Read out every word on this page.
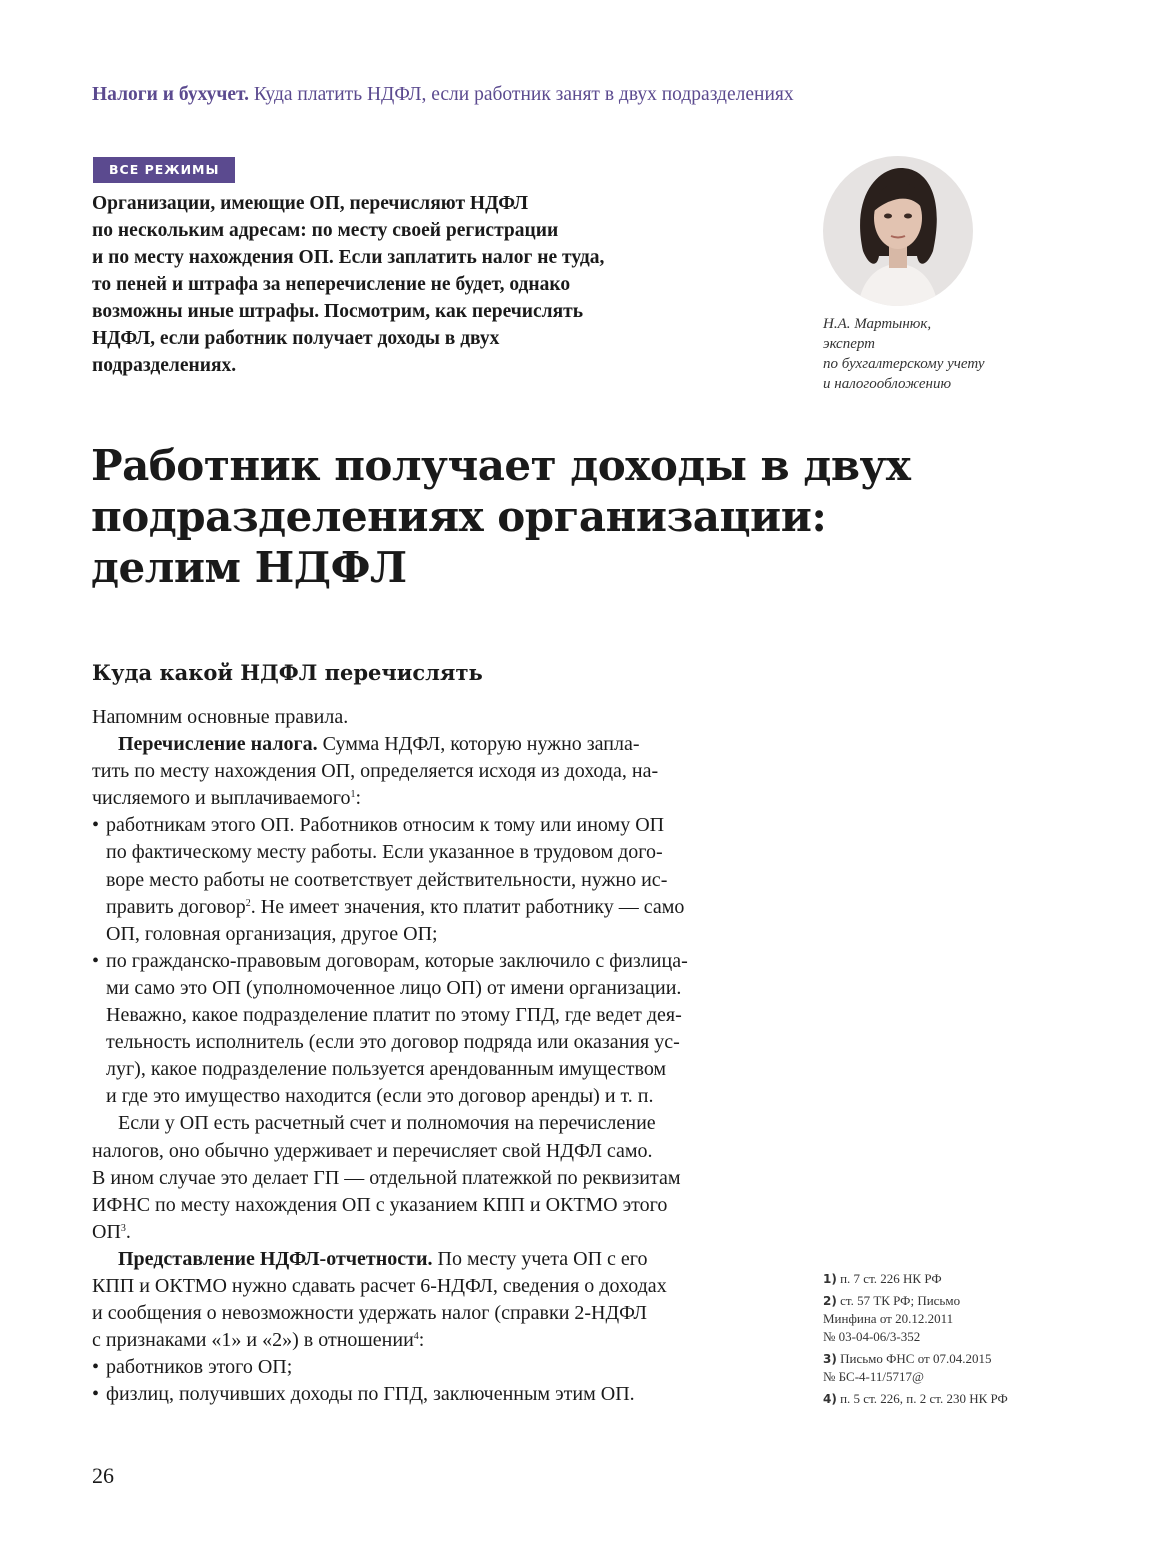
Налоги и бухучет. Куда платить НДФЛ, если работник занят в двух подразделениях
ВСЕ РЕЖИМЫ
Организации, имеющие ОП, перечисляют НДФЛ
по нескольким адресам: по месту своей регистрации
и по месту нахождения ОП. Если заплатить налог не туда,
то пеней и штрафа за неперечисление не будет, однако
возможны иные штрафы. Посмотрим, как перечислять
НДФЛ, если работник получает доходы в двух
подразделениях.
Н.А. Мартынюк,
эксперт
по бухгалтерскому учету
и налогообложению
Работник получает доходы в двух
подразделениях организации:
делим НДФЛ
Куда какой НДФЛ перечислять
Напомним основные правила.
Перечисление налога. Сумма НДФЛ, которую нужно запла-
тить по месту нахождения ОП, определяется исходя из дохода, на-
числяемого и выплачиваемого$^1$:
• работникам этого ОП. Работников относим к тому или иному ОП
по фактическому месту работы. Если указанное в трудовом дого-
воре место работы не соответствует действительности, нужно ис-
править договор$^2$. Не имеет значения, кто платит работнику — само
ОП, головная организация, другое ОП;
• по гражданско-правовым договорам, которые заключило с физлица-
ми само это ОП (уполномоченное лицо ОП) от имени организации.
Неважно, какое подразделение платит по этому ГПД, где ведет дея-
тельность исполнитель (если это договор подряда или оказания ус-
луг), какое подразделение пользуется арендованным имуществом
и где это имущество находится (если это договор аренды) и т. п.
Если у ОП есть расчетный счет и полномочия на перечисление
налогов, оно обычно удерживает и перечисляет свой НДФЛ само.
В ином случае это делает ГП — отдельной платежкой по реквизитам
ИФНС по месту нахождения ОП с указанием КПП и ОКТМО этого
$ОП^3$.
Представление НДФЛ-отчетности. По месту учета ОП с его
КПП и ОКТМО нужно сдавать расчет 6-НДФЛ, сведения о доходах
и сообщения о невозможности удержать налог (справки 2-НДФЛ
с признаками «1» и «2») в отношении$^4$:
• работников этого ОП;
• физлиц, получивших доходы по ГПД, заключенным этим ОП.
1) п. 7 ст. 226 НК РФ
2) ст. 57 ТК РФ; Письмо
Минфина от 20.12.2011
№ 03-04-06/3-352
3) Письмо ФНС от 07.04.2015
№ БС-4-11/5717@
4) п. 5 ст. 226, п. 2 ст. 230 НК РФ
26
